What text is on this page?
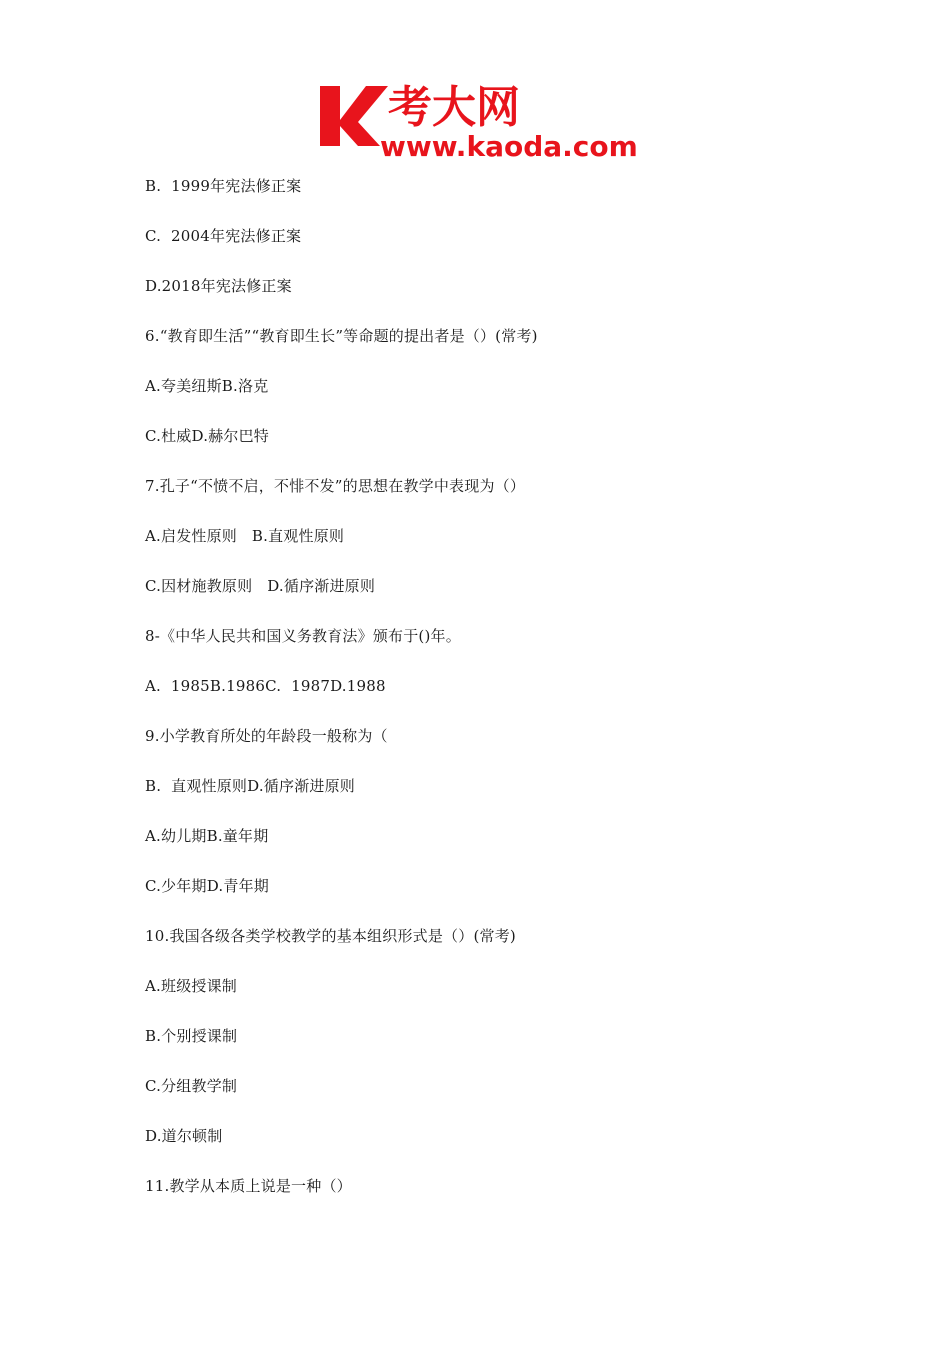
考大网
www.kaoda.com
B.  1999年宪法修正案
C.  2004年宪法修正案
D.2018年宪法修正案
6.“教育即生活”“教育即生长”等命题的提出者是（）(常考)
A.夸美纽斯B.洛克
C.杜威D.赫尔巴特
7.孔子“不愤不启，不悱不发”的思想在教学中表现为（）
A.启发性原则   B.直观性原则
C.因材施教原则   D.循序渐进原则
8-《中华人民共和国义务教育法》颁布于()年。
A.  1985B.1986C.  1987D.1988
9.小学教育所处的年龄段一般称为（
B.  直观性原则D.循序渐进原则
A.幼儿期B.童年期
C.少年期D.青年期
10.我国各级各类学校教学的基本组织形式是（）(常考)
A.班级授课制
B.个别授课制
C.分组教学制
D.道尔顿制
11.教学从本质上说是一种（）
